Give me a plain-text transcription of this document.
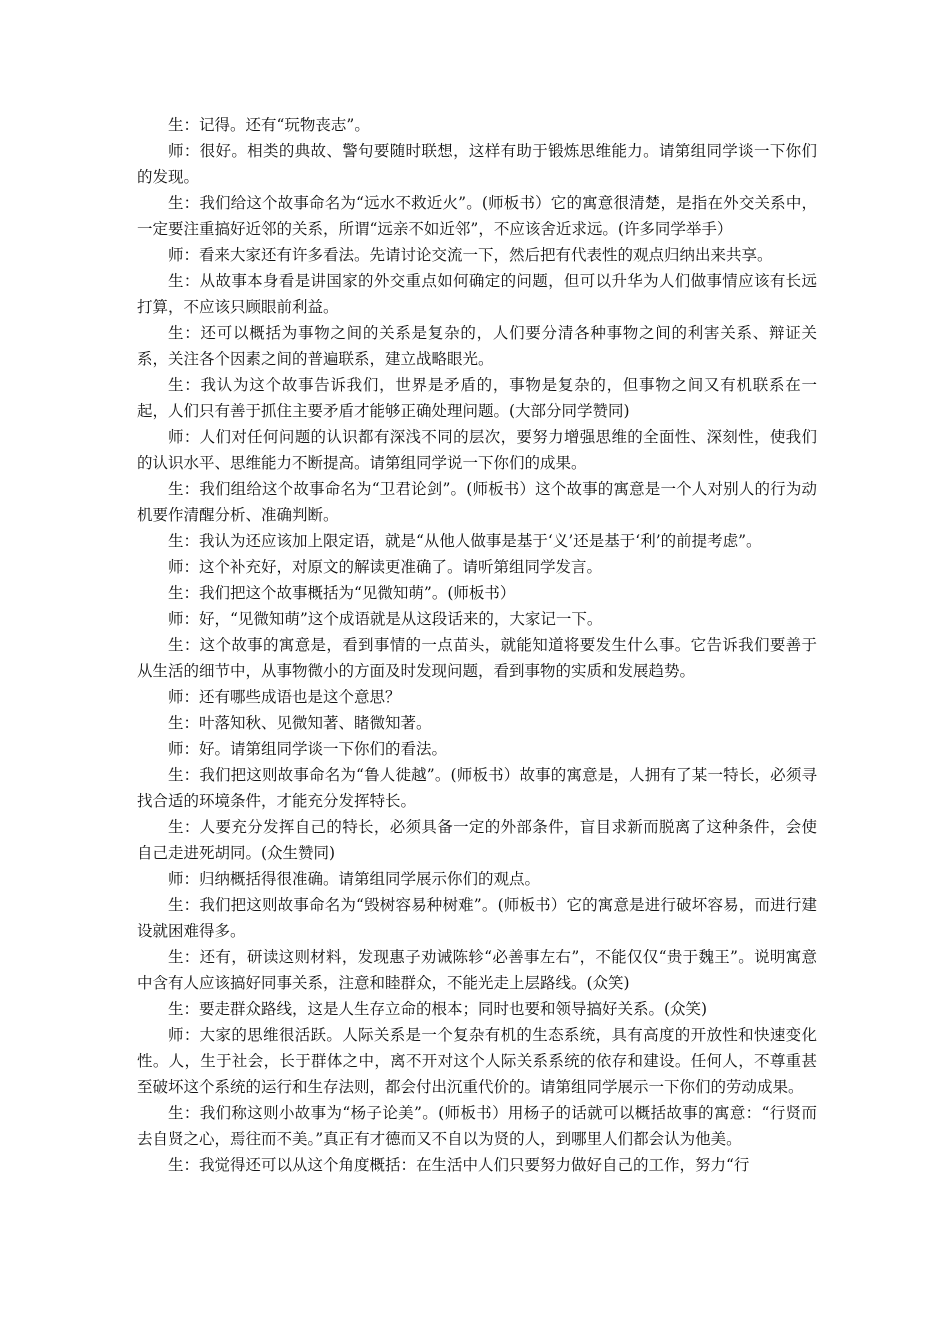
生：记得。还有“玩物丧志”。

师：很好。相类的典故、警句要随时联想，这样有助于锻炼思维能力。请第组同学谈一下你们的发现。

生：我们给这个故事命名为“远水不救近火”。(师板书）它的寓意很清楚，是指在外交关系中，一定要注重搞好近邻的关系，所谓“远亲不如近邻”，不应该舍近求远。(许多同学举手）

师：看来大家还有许多看法。先请讨论交流一下，然后把有代表性的观点归纳出来共享。

生：从故事本身看是讲国家的外交重点如何确定的问题，但可以升华为人们做事情应该有长远打算，不应该只顾眼前利益。

生：还可以概括为事物之间的关系是复杂的，人们要分清各种事物之间的利害关系、辩证关系，关注各个因素之间的普遍联系，建立战略眼光。

生：我认为这个故事告诉我们，世界是矛盾的，事物是复杂的，但事物之间又有机联系在一起，人们只有善于抓住主要矛盾才能够正确处理问题。(大部分同学赞同)

师：人们对任何问题的认识都有深浅不同的层次，要努力增强思维的全面性、深刻性，使我们的认识水平、思维能力不断提高。请第组同学说一下你们的成果。

生：我们组给这个故事命名为“卫君论剑”。(师板书）这个故事的寓意是一个人对别人的行为动机要作清醒分析、准确判断。

生：我认为还应该加上限定语，就是“从他人做事是基于‘义’还是基于‘利’的前提考虑”。

师：这个补充好，对原文的解读更准确了。请听第组同学发言。

生：我们把这个故事概括为“见微知萌”。(师板书）

师：好，“见微知萌”这个成语就是从这段话来的，大家记一下。

生：这个故事的寓意是，看到事情的一点苗头，就能知道将要发生什么事。它告诉我们要善于从生活的细节中，从事物微小的方面及时发现问题，看到事物的实质和发展趋势。

师：还有哪些成语也是这个意思？

生：叶落知秋、见微知著、睹微知著。

师：好。请第组同学谈一下你们的看法。

生：我们把这则故事命名为“鲁人徙越”。(师板书）故事的寓意是，人拥有了某一特长，必须寻找合适的环境条件，才能充分发挥特长。

生：人要充分发挥自己的特长，必须具备一定的外部条件，盲目求新而脱离了这种条件，会使自己走进死胡同。(众生赞同)

师：归纳概括得很准确。请第组同学展示你们的观点。

生：我们把这则故事命名为“毁树容易种树难”。(师板书）它的寓意是进行破坏容易，而进行建设就困难得多。

生：还有，研读这则材料，发现惠子劝诫陈轸“必善事左右”，不能仅仅“贵于魏王”。说明寓意中含有人应该搞好同事关系，注意和睦群众，不能光走上层路线。(众笑)

生：要走群众路线，这是人生存立命的根本；同时也要和领导搞好关系。(众笑)

师：大家的思维很活跃。人际关系是一个复杂有机的生态系统，具有高度的开放性和快速变化性。人，生于社会，长于群体之中，离不开对这个人际关系系统的依存和建设。任何人，不尊重甚至破坏这个系统的运行和生存法则，都会付出沉重代价的。请第组同学展示一下你们的劳动成果。

生：我们称这则小故事为“杨子论美”。(师板书）用杨子的话就可以概括故事的寓意：“行贤而去自贤之心，焉往而不美。”真正有才德而又不自以为贤的人，到哪里人们都会认为他美。

生：我觉得还可以从这个角度概括：在生活中人们只要努力做好自己的工作，努力“行
